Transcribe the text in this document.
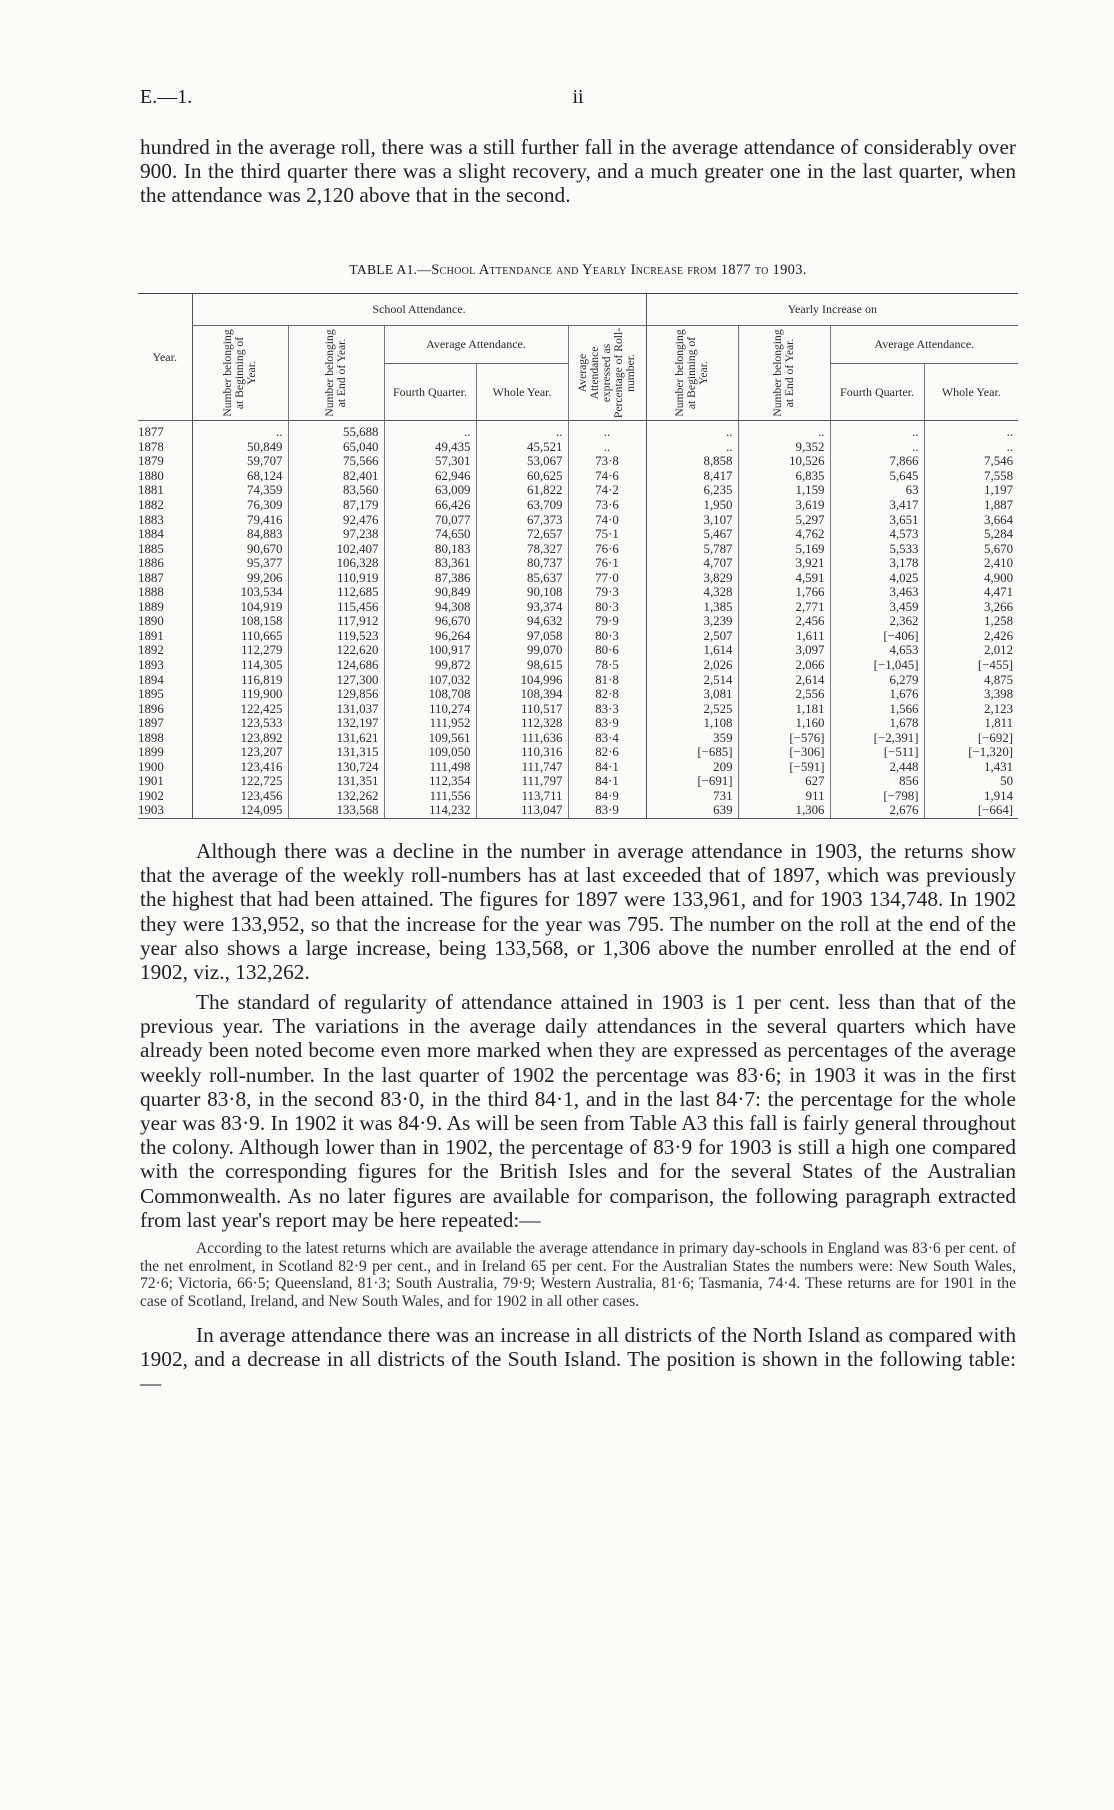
E.—1.	ii

hundred in the average roll, there was a still further fall in the average attendance of considerably over 900. In the third quarter there was a slight recovery, and a much greater one in the last quarter, when the attendance was 2,120 above that in the second.

TABLE A1.—School Attendance and Yearly Increase from 1877 to 1903.
Year.	School Attendance.					Yearly Increase on			

	Number belonging at Beginning of Year.	Number belonging at End of Year.	Average Attendance.		Average Attendance expressed as Percentage of Roll-number.	Number belonging at Beginning of Year.	Number belonging at End of Year.	Average Attendance.	
			Fourth Quarter.	Whole Year.				Fourth Quarter.	Whole Year.
1877	..	55,688	..	..	..	..	..	..	..
1878	50,849	65,040	49,435	45,521	..	..	9,352	..	..
1879	59,707	75,566	57,301	53,067	73·8	8,858	10,526	7,866	7,546
1880	68,124	82,401	62,946	60,625	74·6	8,417	6,835	5,645	7,558
1881	74,359	83,560	63,009	61,822	74·2	6,235	1,159	63	1,197
1882	76,309	87,179	66,426	63,709	73·6	1,950	3,619	3,417	1,887
1883	79,416	92,476	70,077	67,373	74·0	3,107	5,297	3,651	3,664
1884	84,883	97,238	74,650	72,657	75·1	5,467	4,762	4,573	5,284
1885	90,670	102,407	80,183	78,327	76·6	5,787	5,169	5,533	5,670
1886	95,377	106,328	83,361	80,737	76·1	4,707	3,921	3,178	2,410
1887	99,206	110,919	87,386	85,637	77·0	3,829	4,591	4,025	4,900
1888	103,534	112,685	90,849	90,108	79·3	4,328	1,766	3,463	4,471
1889	104,919	115,456	94,308	93,374	80·3	1,385	2,771	3,459	3,266
1890	108,158	117,912	96,670	94,632	79·9	3,239	2,456	2,362	1,258
1891	110,665	119,523	96,264	97,058	80·3	2,507	1,611	[−406]	2,426
1892	112,279	122,620	100,917	99,070	80·6	1,614	3,097	4,653	2,012
1893	114,305	124,686	99,872	98,615	78·5	2,026	2,066	[−1,045]	[−455]
1894	116,819	127,300	107,032	104,996	81·8	2,514	2,614	6,279	4,875
1895	119,900	129,856	108,708	108,394	82·8	3,081	2,556	1,676	3,398
1896	122,425	131,037	110,274	110,517	83·3	2,525	1,181	1,566	2,123
1897	123,533	132,197	111,952	112,328	83·9	1,108	1,160	1,678	1,811
1898	123,892	131,621	109,561	111,636	83·4	359	[−576]	[−2,391]	[−692]
1899	123,207	131,315	109,050	110,316	82·6	[−685]	[−306]	[−511]	[−1,320]
1900	123,416	130,724	111,498	111,747	84·1	209	[−591]	2,448	1,431
1901	122,725	131,351	112,354	111,797	84·1	[−691]	627	856	50
1902	123,456	132,262	111,556	113,711	84·9	731	911	[−798]	1,914
1903	124,095	133,568	114,232	113,047	83·9	639	1,306	2,676	[−664]

Although there was a decline in the number in average attendance in 1903, the returns show that the average of the weekly roll-numbers has at last exceeded that of 1897, which was previously the highest that had been attained. The figures for 1897 were 133,961, and for 1903 134,748. In 1902 they were 133,952, so that the increase for the year was 795. The number on the roll at the end of the year also shows a large increase, being 133,568, or 1,306 above the number enrolled at the end of 1902, viz., 132,262.

The standard of regularity of attendance attained in 1903 is 1 per cent. less than that of the previous year. The variations in the average daily attendances in the several quarters which have already been noted become even more marked when they are expressed as percentages of the average weekly roll-number. In the last quarter of 1902 the percentage was 83·6; in 1903 it was in the first quarter 83·8, in the second 83·0, in the third 84·1, and in the last 84·7: the percentage for the whole year was 83·9. In 1902 it was 84·9. As will be seen from Table A3 this fall is fairly general throughout the colony. Although lower than in 1902, the percentage of 83·9 for 1903 is still a high one compared with the corresponding figures for the British Isles and for the several States of the Australian Commonwealth. As no later figures are available for comparison, the following paragraph extracted from last year's report may be here repeated:—

According to the latest returns which are available the average attendance in primary day-schools in England was 83·6 per cent. of the net enrolment, in Scotland 82·9 per cent., and in Ireland 65 per cent. For the Australian States the numbers were: New South Wales, 72·6; Victoria, 66·5; Queensland, 81·3; South Australia, 79·9; Western Australia, 81·6; Tasmania, 74·4. These returns are for 1901 in the case of Scotland, Ireland, and New South Wales, and for 1902 in all other cases.

In average attendance there was an increase in all districts of the North Island as compared with 1902, and a decrease in all districts of the South Island. The position is shown in the following table:—
